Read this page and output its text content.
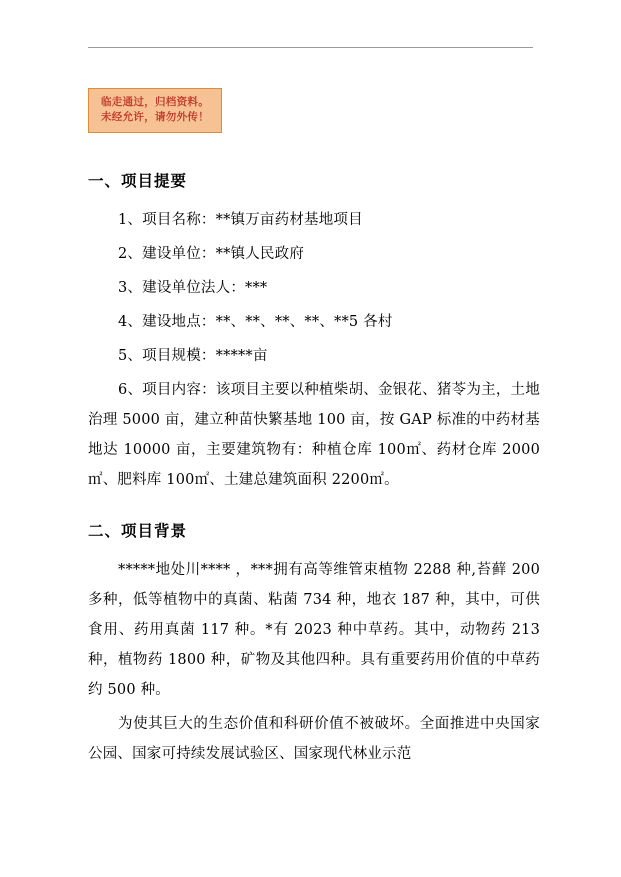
临走通过，归档资料。
未经允许，请勿外传！
一、项目提要

1、项目名称：**镇万亩药材基地项目

2、建设单位：**镇人民政府

3、建设单位法人：***

4、建设地点：**、**、**、**、**5 各村

5、项目规模：*****亩

6、项目内容：该项目主要以种植柴胡、金银花、猪苓为主，土地治理 5000 亩，建立种苗快繁基地 100 亩，按 GAP 标准的中药材基地达 10000 亩，主要建筑物有：种植仓库 100㎡、药材仓库 2000㎡、肥料库 100㎡、土建总建筑面积 2200㎡。

二、项目背景

*****地处川**** ，***拥有高等维管束植物 2288 种,苔藓 200 多种，低等植物中的真菌、粘菌 734 种，地衣 187 种，其中，可供食用、药用真菌 117 种。*有 2023 种中草药。其中，动物药 213 种，植物药 1800 种，矿物及其他四种。具有重要药用价值的中草药约 500 种。

为使其巨大的生态价值和科研价值不被破坏。全面推进中央国家公园、国家可持续发展试验区、国家现代林业示范
